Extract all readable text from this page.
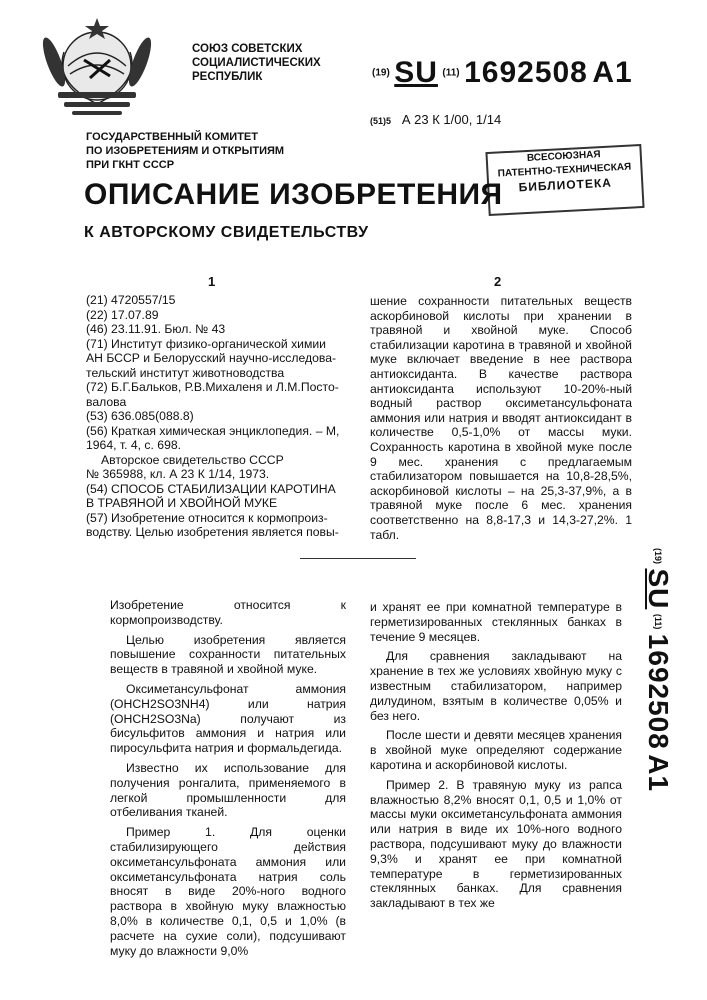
СОЮЗ СОВЕТСКИХ
СОЦИАЛИСТИЧЕСКИХ
РЕСПУБЛИК	(19) SU (11) 1692508 A1
(51)5 А 23 К 1/00, 1/14
ГОСУДАРСТВЕННЫЙ КОМИТЕТ
ПО ИЗОБРЕТЕНИЯМ И ОТКРЫТИЯМ
ПРИ ГКНТ СССР
ВСЕСОЮЗНАЯ
ПАТЕНТНО-ТЕХНИЧЕСКАЯ
БИБЛИОТЕКА
ОПИСАНИЕ ИЗОБРЕТЕНИЯ
К АВТОРСКОМУ СВИДЕТЕЛЬСТВУ
1	2
(21) 4720557/15
(22) 17.07.89
(46) 23.11.91. Бюл. № 43
(71) Институт физико-органической химии
АН БССР и Белорусский научно-исследова-
тельский институт животноводства
(72) Б.Г.Бальков, Р.В.Михаленя и Л.М.Постo-
валова
(53) 636.085(088.8)
(56) Краткая химическая энциклопедия. – М,
1964, т. 4, с. 698.
Авторское свидетельство СССР
№ 365988, кл. А 23 К 1/14, 1973.
(54) СПОСОБ СТАБИЛИЗАЦИИ КАРОТИНА
В ТРАВЯНОЙ И ХВОЙНОЙ МУКЕ
(57) Изобретение относится к кормопроиз-
водству. Целью изобретения является повы-
шение сохранности питательных веществ аскорбиновой кислоты при хранении в травяной и хвойной муке. Способ стабилизации каротина в травяной и хвойной муке включает введение в нее раствора антиоксиданта. В качестве раствора антиоксиданта используют 10-20%-ный водный раствор оксиметансульфоната аммония или натрия и вводят антиоксидант в количестве 0,5-1,0% от массы муки. Сохранность каротина в хвойной муке после 9 мес. хранения с предлагаемым стабилизатором повышается на 10,8-28,5%, аскорбиновой кислоты – на 25,3-37,9%, а в травяной муке после 6 мес. хранения соответственно на 8,8-17,3 и 14,3-27,2%. 1 табл.
(19) SU (11) 1692508 A1

Изобретение относится к кормопроизводству.

Целью изобретения является повышение сохранности питательных веществ в травяной и хвойной муке.

Оксиметансульфонат аммония (OHCH2SO3NH4) или натрия (OHCH2SO3Na) получают из бисульфитов аммония и натрия или пиросульфита натрия и формальдегида.

Известно их использование для получения ронгалита, применяемого в легкой промышленности для отбеливания тканей.

Пример 1. Для оценки стабилизирующего действия оксиметансульфоната аммония или оксиметансульфоната натрия соль вносят в виде 20%-ного водного раствора в хвойную муку влажностью 8,0% в количестве 0,1, 0,5 и 1,0% (в расчете на сухие соли), подсушивают муку до влажности 9,0%

и хранят ее при комнатной температуре в герметизированных стеклянных банках в течение 9 месяцев.

Для сравнения закладывают на хранение в тех же условиях хвойную муку с известным стабилизатором, например дилудином, взятым в количестве 0,05% и без него.

После шести и девяти месяцев хранения в хвойной муке определяют содержание каротина и аскорбиновой кислоты.

Пример 2. В травяную муку из рапса влажностью 8,2% вносят 0,1, 0,5 и 1,0% от массы муки оксиметансульфоната аммония или натрия в виде их 10%-ного водного раствора, подсушивают муку до влажности 9,3% и хранят ее при комнатной температуре в герметизированных стеклянных банках. Для сравнения закладывают в тех же
